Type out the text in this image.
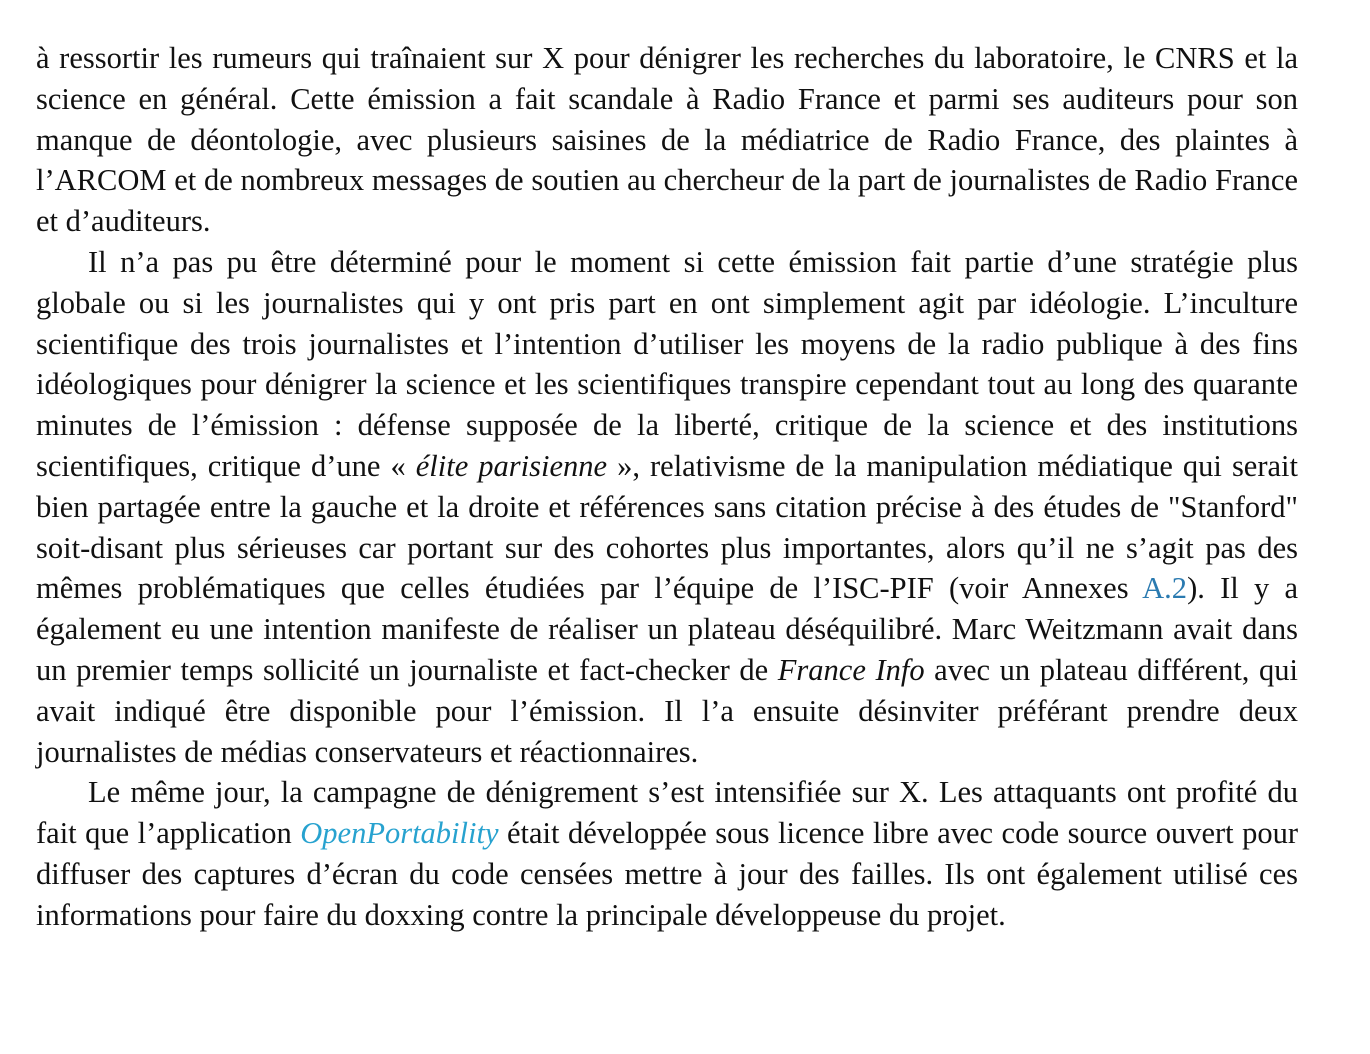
à ressortir les rumeurs qui traînaient sur X pour dénigrer les recherches du laboratoire, le CNRS et la science en général. Cette émission a fait scandale à Radio France et parmi ses auditeurs pour son manque de déontologie, avec plusieurs saisines de la médiatrice de Radio France, des plaintes à l’ARCOM et de nombreux messages de soutien au chercheur de la part de journalistes de Radio France et d’auditeurs.

Il n’a pas pu être déterminé pour le moment si cette émission fait partie d’une stratégie plus globale ou si les journalistes qui y ont pris part en ont simplement agit par idéologie. L’inculture scientifique des trois journalistes et l’intention d’utiliser les moyens de la radio publique à des fins idéologiques pour dénigrer la science et les scientifiques transpire cependant tout au long des quarante minutes de l’émission : défense supposée de la liberté, critique de la science et des institutions scientifiques, critique d’une « élite parisienne », relativisme de la manipulation médiatique qui serait bien partagée entre la gauche et la droite et références sans citation précise à des études de "Stanford" soit-disant plus sérieuses car portant sur des cohortes plus importantes, alors qu’il ne s’agit pas des mêmes problématiques que celles étudiées par l’équipe de l’ISC-PIF (voir Annexes A.2). Il y a également eu une intention manifeste de réaliser un plateau déséquilibré. Marc Weitzmann avait dans un premier temps sollicité un journaliste et fact-checker de France Info avec un plateau différent, qui avait indiqué être disponible pour l’émission. Il l’a ensuite désinviter préférant prendre deux journalistes de médias conservateurs et réactionnaires.

Le même jour, la campagne de dénigrement s’est intensifiée sur X. Les attaquants ont profité du fait que l’application OpenPortability était développée sous licence libre avec code source ouvert pour diffuser des captures d’écran du code censées mettre à jour des failles. Ils ont également utilisé ces informations pour faire du doxxing contre la principale développeuse du projet.
